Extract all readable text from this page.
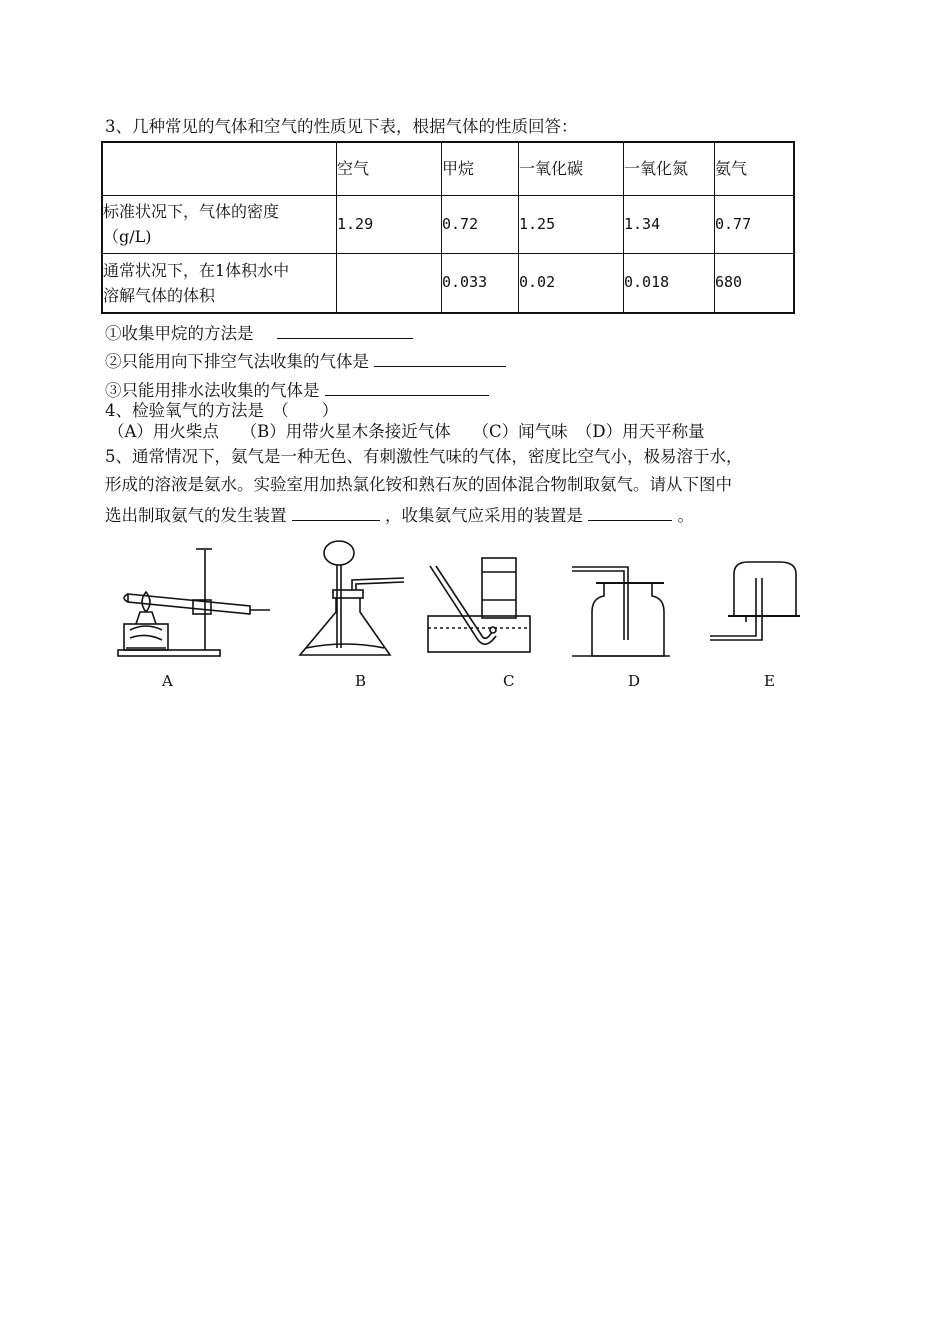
3、几种常见的气体和空气的性质见下表，根据气体的性质回答：
	空气	甲烷	一氧化碳	一氧化氮	氨气

标准状况下，气体的密度
（g/L)	1.29	0.72	1.25	1.34	0.77

通常状况下，在1体积水中
溶解气体的体积		0.033	0.02	0.018	680
①收集甲烷的方法是
②只能用向下排空气法收集的气体是
③只能用排水法收集的气体是
4、检验氧气的方法是　（　　）
（A）用火柴点　 （B）用带火星木条接近气体　 （C）闻气味　（D）用天平称量
5、通常情况下，氨气是一种无色、有刺激性气味的气体，密度比空气小，极易溶于水，
形成的溶液是氨水。实验室用加热氯化铵和熟石灰的固体混合物制取氨气。请从下图中
选出制取氨气的发生装置	，收集氨气应采用的装置是	。
A	B	C	D	E
